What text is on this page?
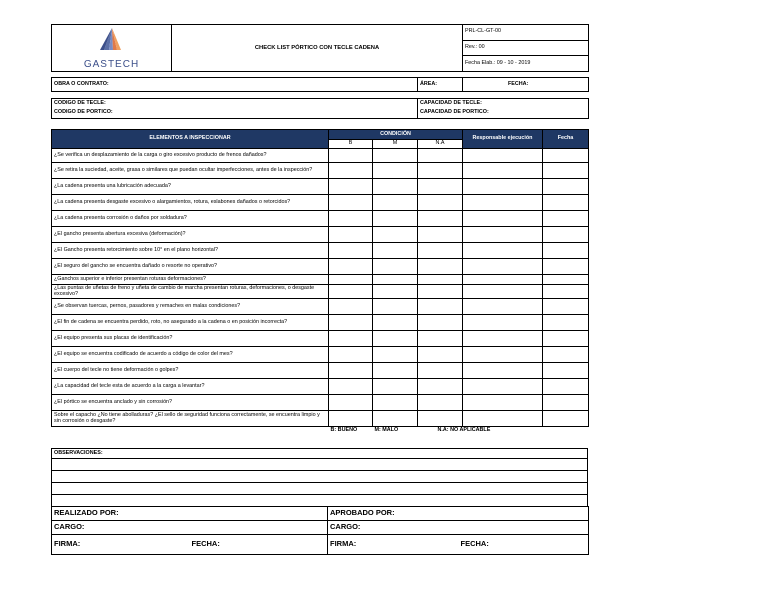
GASTECH
	CHECK LIST PÓRTICO CON TECLE CADENA	PRL-CL-GT-00
Rev.: 00
Fecha Elab.: 09 - 10 - 2019
OBRA O CONTRATO:	ÁREA:	FECHA:
CODIGO DE TECLE:	CAPACIDAD DE TECLE:
CODIGO DE PORTICO:	CAPACIDAD DE PORTICO:
ELEMENTOS A INSPECCIONAR	CONDICIÓN			Responsable ejecución	Fecha
	B	M	N.A		
¿Se verifica un desplazamiento de la carga o giro excesivo producto de frenos dañados?					
¿Se retira la suciedad, aceite, grasa o similares que puedan ocultar imperfecciones, antes de la inspección?					
¿La cadena presenta una lubricación adecuada?					
¿La cadena presenta desgaste excesivo o alargamientos, rotura, eslabones dañados o retorcidos?					
¿La cadena presenta corrosión o daños por soldadura?					
¿El gancho presenta abertura excesiva (deformación)?					
¿El Gancho presenta retorcimiento sobre 10° en el plano horizontal?					
¿El seguro del gancho se encuentra dañado o resorte no operativo?					
¿Ganchos superior e inferior presentan roturas deformaciones?					
¿Las puntas de uñetas de freno y uñeta de cambio de marcha presentan roturas, deformaciones, o desgaste excesivo?					
¿Se observan tuercas, pernos, pasadores y remaches en malas condiciones?					
¿El fin de cadena se encuentra perdido, roto, no asegurado a la cadena o en posición incorrecta?					
¿El equipo presenta sus placas de identificación?					
¿El equipo se encuentra codificado de acuerdo a código de color del mes?					
¿El cuerpo del tecle no tiene deformación o golpes?					
¿La capacidad del tecle esta de acuerdo a la carga a levantar?					
¿El pórtico se encuentra anclado y sin corrosión?					
Sobre el capacho ¿No tiene abolladuras? ¿El sello de seguridad funciona correctamente, se encuentra limpio y sin corrosión o desgaste?					
	B: BUENO	M: MALO	N.A: NO APLICABLE		
OBSERVACIONES:

REALIZADO POR:		APROBADO POR:	
CARGO:		CARGO:	
FIRMA:	FECHA:	FIRMA:	FECHA:
